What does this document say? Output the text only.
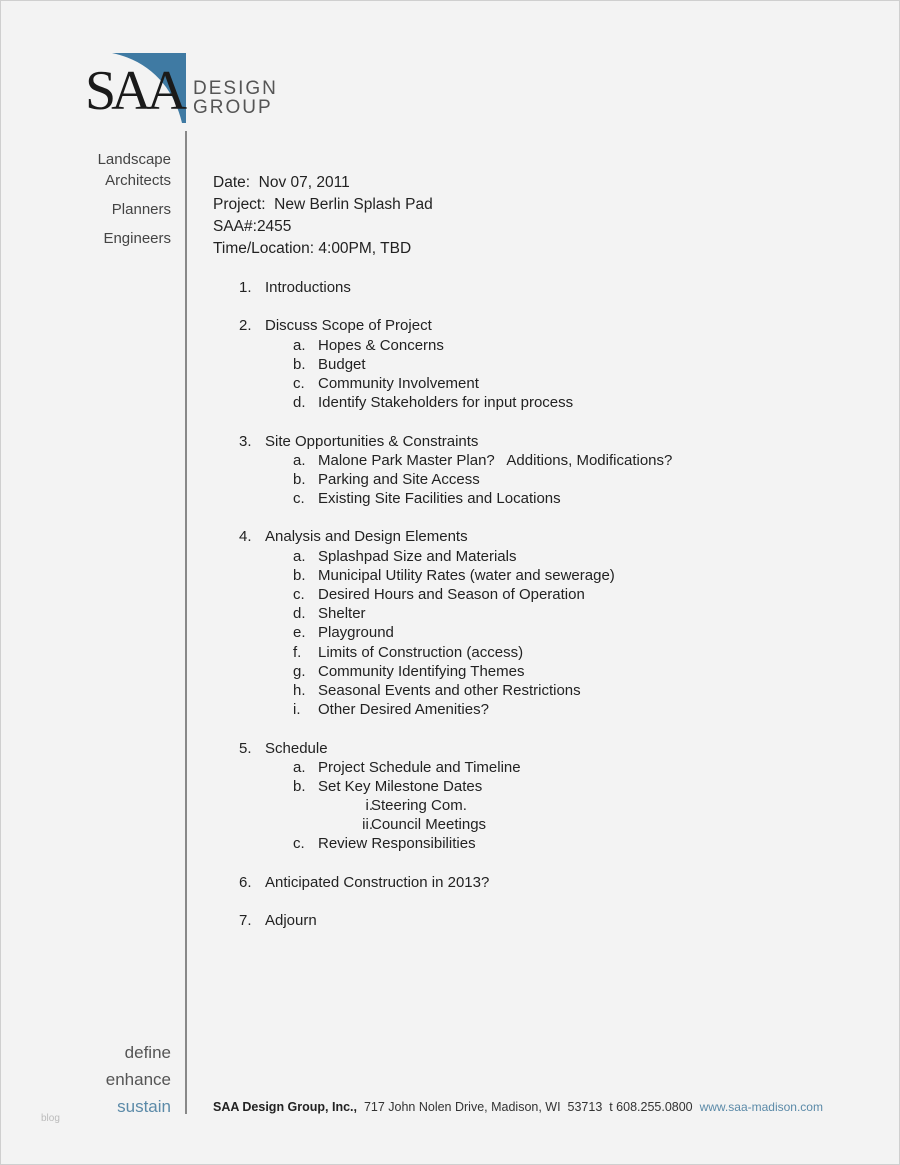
SAA DESIGN
GROUP
Landscape
Architects
Planners
Engineers
Date:  Nov 07, 2011
Project:  New Berlin Splash Pad
SAA#:2455
Time/Location: 4:00PM, TBD
1. Introductions
2. Discuss Scope of Project
a. Hopes & Concerns
b. Budget
c. Community Involvement
d. Identify Stakeholders for input process
3. Site Opportunities & Constraints
a. Malone Park Master Plan?   Additions, Modifications?
b. Parking and Site Access
c. Existing Site Facilities and Locations
4. Analysis and Design Elements
a. Splashpad Size and Materials
b. Municipal Utility Rates (water and sewerage)
c. Desired Hours and Season of Operation
d. Shelter
e. Playground
f. Limits of Construction (access)
g. Community Identifying Themes
h. Seasonal Events and other Restrictions
i. Other Desired Amenities?
5. Schedule
a. Project Schedule and Timeline
b. Set Key Milestone Dates
i.
Steering Com.
ii.
Council Meetings
c. Review Responsibilities
6. Anticipated Construction in 2013?
7. Adjourn
define
enhance
sustain	SAA Design Group, Inc.,  717 John Nolen Drive, Madison, WI  53713  t 608.255.0800  www.saa-madison.com
blog
